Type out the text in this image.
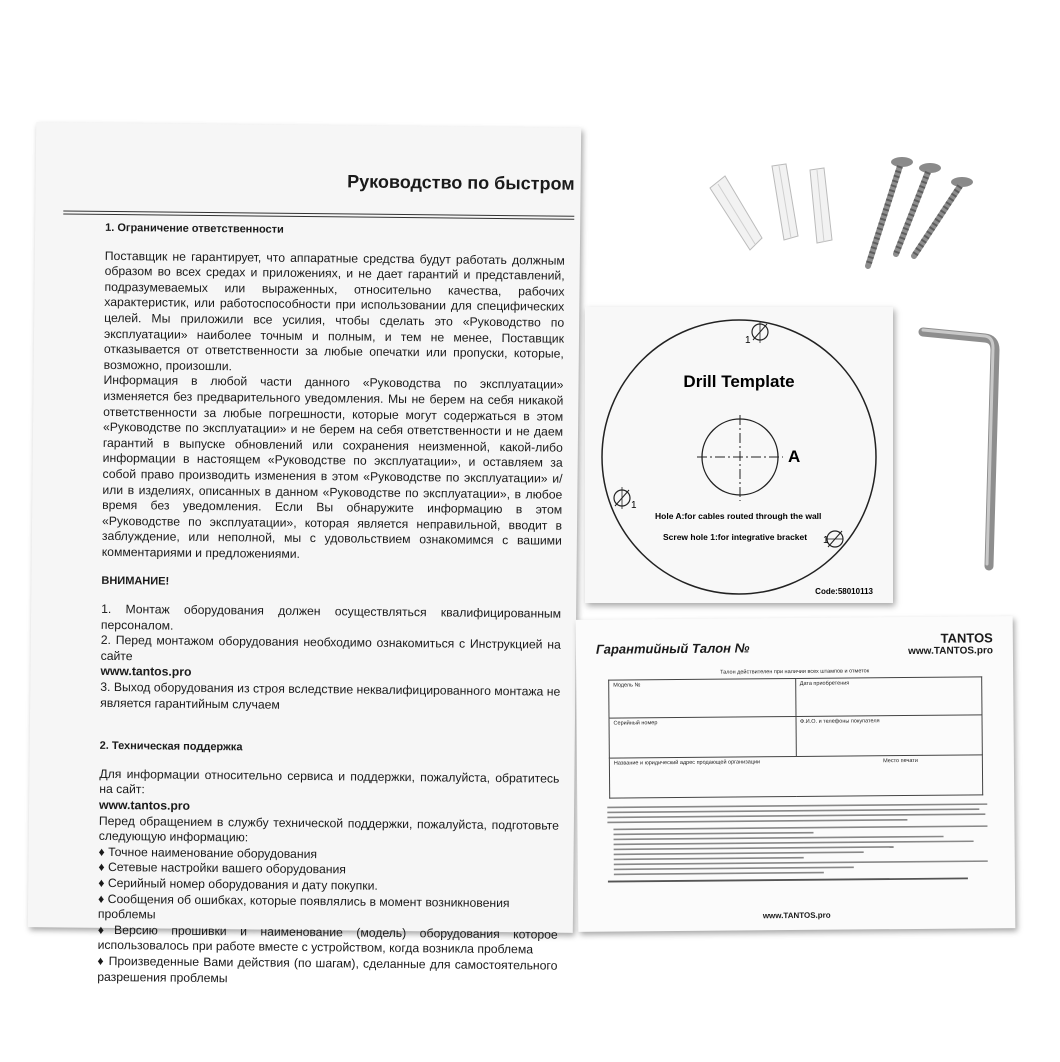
Руководство по быстром
1. Ограничение ответственности

Поставщик не гарантирует, что аппаратные средства будут работать должным образом во всех средах и приложениях, и не дает гарантий и представлений, подразумеваемых или выраженных, относительно качества, рабочих характеристик, или работоспособности при использовании для специфических целей. Мы приложили все усилия, чтобы сделать это «Руководство по эксплуатации» наиболее точным и полным, и тем не менее, Поставщик отказывается от ответственности за любые опечатки или пропуски, которые, возможно, произошли.

Информация в любой части данного «Руководства по эксплуатации» изменяется без предварительного уведомления. Мы не берем на себя никакой ответственности за любые погрешности, которые могут содержаться в этом «Руководстве по эксплуатации» и не берем на себя ответственности и не даем гарантий в выпуске обновлений или сохранения неизменной, какой-либо информации в настоящем «Руководстве по эксплуатации», и оставляем за собой право производить изменения в этом «Руководстве по эксплуатации» и/или в изделиях, описанных в данном «Руководстве по эксплуатации», в любое время без уведомления. Если Вы обнаружите информацию в этом «Руководстве по эксплуатации», которая является неправильной, вводит в заблуждение, или неполной, мы с удовольствием ознакомимся с вашими комментариями и предложениями.

ВНИМАНИЕ!

1. Монтаж оборудования должен осуществляться квалифицированным персоналом.

2. Перед монтажом оборудования необходимо ознакомиться с Инструкцией на сайте

www.tantos.pro

3. Выход оборудования из строя вследствие неквалифицированного монтажа не является гарантийным случаем

2. Техническая поддержка

Для информации относительно сервиса и поддержки, пожалуйста, обратитесь на сайт:

www.tantos.pro

Перед обращением в службу технической поддержки, пожалуйста, подготовьте следующую информацию:

♦ Точное наименование оборудования
♦ Сетевые настройки вашего оборудования
♦ Серийный номер оборудования и дату покупки.
♦ Сообщения об ошибках, которые появлялись в момент возникновения проблемы
♦Версию прошивки и наименование (модель) оборудования которое использовалось при работе вместе с устройством, когда возникла проблема
♦ Произведенные Вами действия (по шагам), сделанные для самостоятельного разрешения проблемы
Drill Template
A
1
1
1
Hole A:for cables routed through the wall
Screw hole 1:for integrative bracket
Code:58010113
Гарантийный Талон №
TANTOS
www.TANTOS.pro
Талон действителен при наличии всех штампов и отметок
Модель №	Дата приобретения
Серийный номер	Ф.И.О. и телефоны покупателя
Название и юридический адрес продающей организации Место печати	
www.TANTOS.pro
